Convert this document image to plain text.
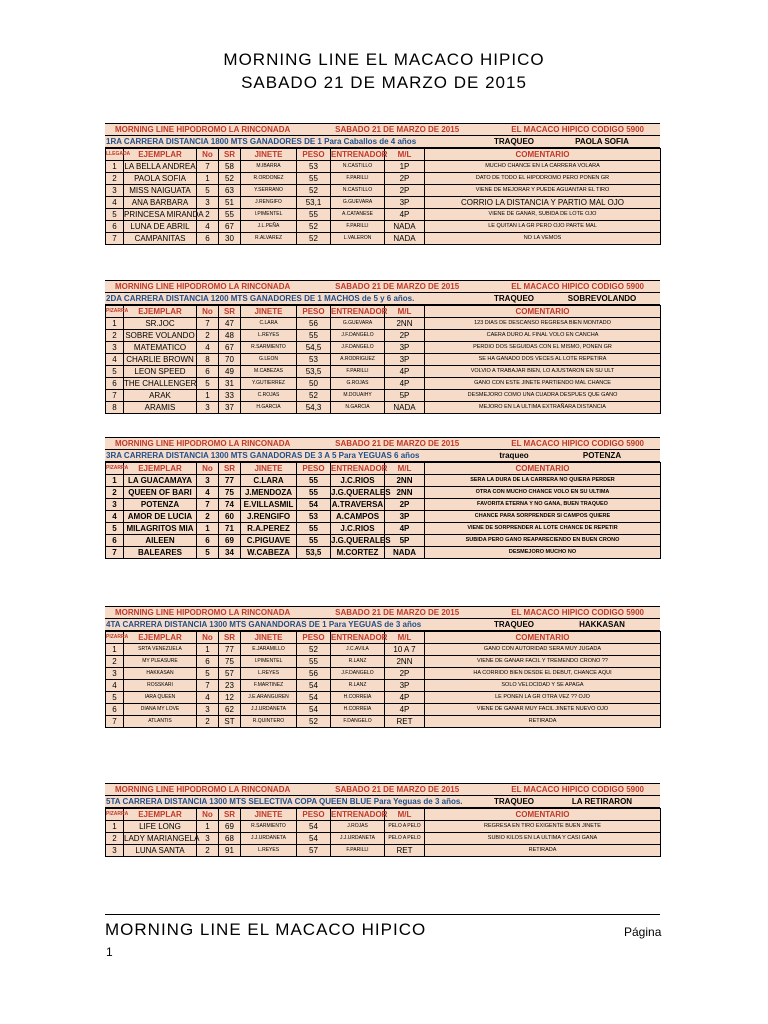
MORNING LINE EL MACACO HIPICO
SABADO 21 DE MARZO DE 2015
MORNING LINE HIPODROMO LA RINCONADA	SABADO 21 DE MARZO DE 2015	EL MACACO HIPICO CODIGO 5900
1RA CARRERA DISTANCIA 1800 MTS GANADORES DE 1 Para Caballos de 4 años	TRAQUEO	PAOLA SOFIA
LLEGADA	EJEMPLAR	No	SR	JINETE	PESO	ENTRENADOR	M/L	COMENTARIO
1	LA BELLA ANDREA	7	58	M.IBARRA	53	N.CASTILLO	1P	MUCHO CHANCE EN LA CARRERA VOLARA
2	PAOLA SOFIA	1	52	R.ORDONEZ	55	F.PARILLI	2P	DATO DE TODO EL HIPODROMO PERO PONEN GR
3	MISS NAIGUATA	5	63	Y.SERRANO	52	N.CASTILLO	2P	VIENE DE MEJORAR Y PUEDE AGUANTAR EL TIRO
4	ANA BARBARA	3	51	J.RENGIFO	53,1	G.GUEVARA	3P	CORRIO LA DISTANCIA Y PARTIO MAL OJO
5	PRINCESA MIRANDA	2	55	I.PIMENTEL	55	A.CATANESE	4P	VIENE DE GANAR, SUBIDA DE LOTE OJO
6	LUNA DE ABRIL	4	67	J.L.PEÑA	52	F.PARILLI	NADA	LE QUITAN LA GR PERO OJO PARTE MAL
7	CAMPANITAS	6	30	R.ALVAREZ	52	L.VALERON	NADA	NO LA VEMOS
MORNING LINE HIPODROMO LA RINCONADA	SABADO 21 DE MARZO DE 2015	EL MACACO HIPICO CODIGO 5900
2DA CARRERA DISTANCIA 1200 MTS GANADORES DE 1 MACHOS de 5 y 6 años.	TRAQUEO	SOBREVOLANDO
PIZARRA	EJEMPLAR	No	SR	JINETE	PESO	ENTRENADOR	M/L	COMENTARIO
1	SR.JOC	7	47	C.LARA	56	G.GUEVARA	2NN	123 DIAS DE DESCANSO REGRESA BIEN MONTADO
2	SOBRE VOLANDO	2	48	L.REYES	55	J.F.DANGELO	2P	CAERA DURO AL FINAL VOLO EN CANCHA
3	MATEMATICO	4	67	R.SARMIENTO	54,5	J.F.DANGELO	3P	PERDIO DOS SEGUIDAS CON EL MISMO, PONEN GR
4	CHARLIE BROWN	8	70	G.LEON	53	A.RODRIGUEZ	3P	SE HA GANADO DOS VECES AL LOTE REPETIRA
5	LEON SPEED	6	49	M.CABEZAS	53,5	F.PARILLI	4P	VOLVIO A TRABAJAR BIEN, LO AJUSTARON EN SU ULT
6	THE CHALLENGER	5	31	Y.GUTIERREZ	50	G.ROJAS	4P	GANO CON ESTE JINETE PARTIENDO MAL CHANCE
7	ARAK	1	33	C.ROJAS	52	M.DOUAIHY	5P	DESMEJORO COMO UNA CUADRA DESPUES QUE GANO
8	ARAMIS	3	37	H.GARCIA	54,3	N.GARCIA	NADA	MEJORO EN LA ULTIMA EXTRAÑARA DISTANCIA
MORNING LINE HIPODROMO LA RINCONADA	SABADO 21 DE MARZO DE 2015	EL MACACO HIPICO CODIGO 5900
3RA CARRERA DISTANCIA 1300 MTS GANADORAS DE 3 A 5 Para YEGUAS 6 años	traqueo	POTENZA
PIZARRA	EJEMPLAR	No	SR	JINETE	PESO	ENTRENADOR	M/L	COMENTARIO
1	LA GUACAMAYA	3	77	C.LARA	55	J.C.RIOS	2NN	SERA LA DURA DE LA CARRERA NO QUIERA PERDER
2	QUEEN OF BARI	4	75	J.MENDOZA	55	J.G.QUERALES	2NN	OTRA CON MUCHO CHANCE VOLO EN SU ULTIMA
3	POTENZA	7	74	E.VILLASMIL	54	A.TRAVERSA	2P	FAVORITA ETERNA Y NO GANA, BUEN TRAQUEO
4	AMOR DE LUCIA	2	60	J.RENGIFO	53	A.CAMPOS	3P	CHANCE PARA SORPRENDER SI CAMPOS QUIERE
5	MILAGRITOS MIA	1	71	R.A.PEREZ	55	J.C.RIOS	4P	VIENE DE SORPRENDER AL LOTE CHANCE DE REPETIR
6	AILEEN	6	69	C.PIGUAVE	55	J.G.QUERALES	5P	SUBIDA PERO GANO REAPARECIENDO EN BUEN CRONO
7	BALEARES	5	34	W.CABEZA	53,5	M.CORTEZ	NADA	DESMEJORO MUCHO NO
MORNING LINE HIPODROMO LA RINCONADA	SABADO 21 DE MARZO DE 2015	EL MACACO HIPICO CODIGO 5900
4TA CARRERA DISTANCIA 1300 MTS GANANDORAS DE 1 Para YEGUAS de 3 años	TRAQUEO	HAKKASAN
PIZARRA	EJEMPLAR	No	SR	JINETE	PESO	ENTRENADOR	M/L	COMENTARIO
1	SRTA VENEZUELA	1	77	E.JARAMILLO	52	J.C.AVILA	10 A 7	GANO CON AUTORIDAD SERA MUY JUGADA
2	MY PLEASURE	6	75	I.PIMENTEL	55	R.LANZ	2NN	VIENE DE GANAR FACIL Y TREMENDO CRONO ??
3	HAKKASAN	5	57	L.REYES	56	J.F.DANGELO	2P	HA CORRIDO BIEN DESDE EL DEBUT, CHANCE AQUI
4	ROSSKARI	7	23	F.MARTINEZ	54	R.LANZ	3P	SOLO VELOCIDAD Y SE APAGA
5	IARA QUEEN	4	12	J.E.ARANGUREN	54	H.CORREIA	4P	LE PONEN LA GR OTRA VEZ ?? OJO
6	DIANA MY LOVE	3	62	J.J.URDANETA	54	H.CORREIA	4P	VIENE DE GANAR MUY FACIL JINETE NUEVO OJO
7	ATLANTIS	2	ST	R.QUINTERO	52	F.DANGELO	RET	RETIRADA
MORNING LINE HIPODROMO LA RINCONADA	SABADO 21 DE MARZO DE 2015	EL MACACO HIPICO CODIGO 5900
5TA CARRERA DISTANCIA 1300 MTS SELECTIVA COPA QUEEN BLUE Para Yeguas de 3 años.	TRAQUEO	LA RETIRARON
PIZARRA	EJEMPLAR	No	SR	JINETE	PESO	ENTRENADOR	M/L	COMENTARIO
1	LIFE LONG	1	69	R.SARMIENTO	54	J.ROJAS	PELO A PELO	REGRESA EN TIRO EXIGENTE BUEN JINETE
2	LADY MARIANGELA	3	68	J.J.URDANETA	54	J.J.URDANETA	PELO A PELO	SUBIO KILOS EN LA ULTIMA Y CASI GANA
3	LUNA SANTA	2	91	L.REYES	57	F.PARILLI	RET	RETIRADA
MORNING LINE EL MACACO HIPICO	Página
1
